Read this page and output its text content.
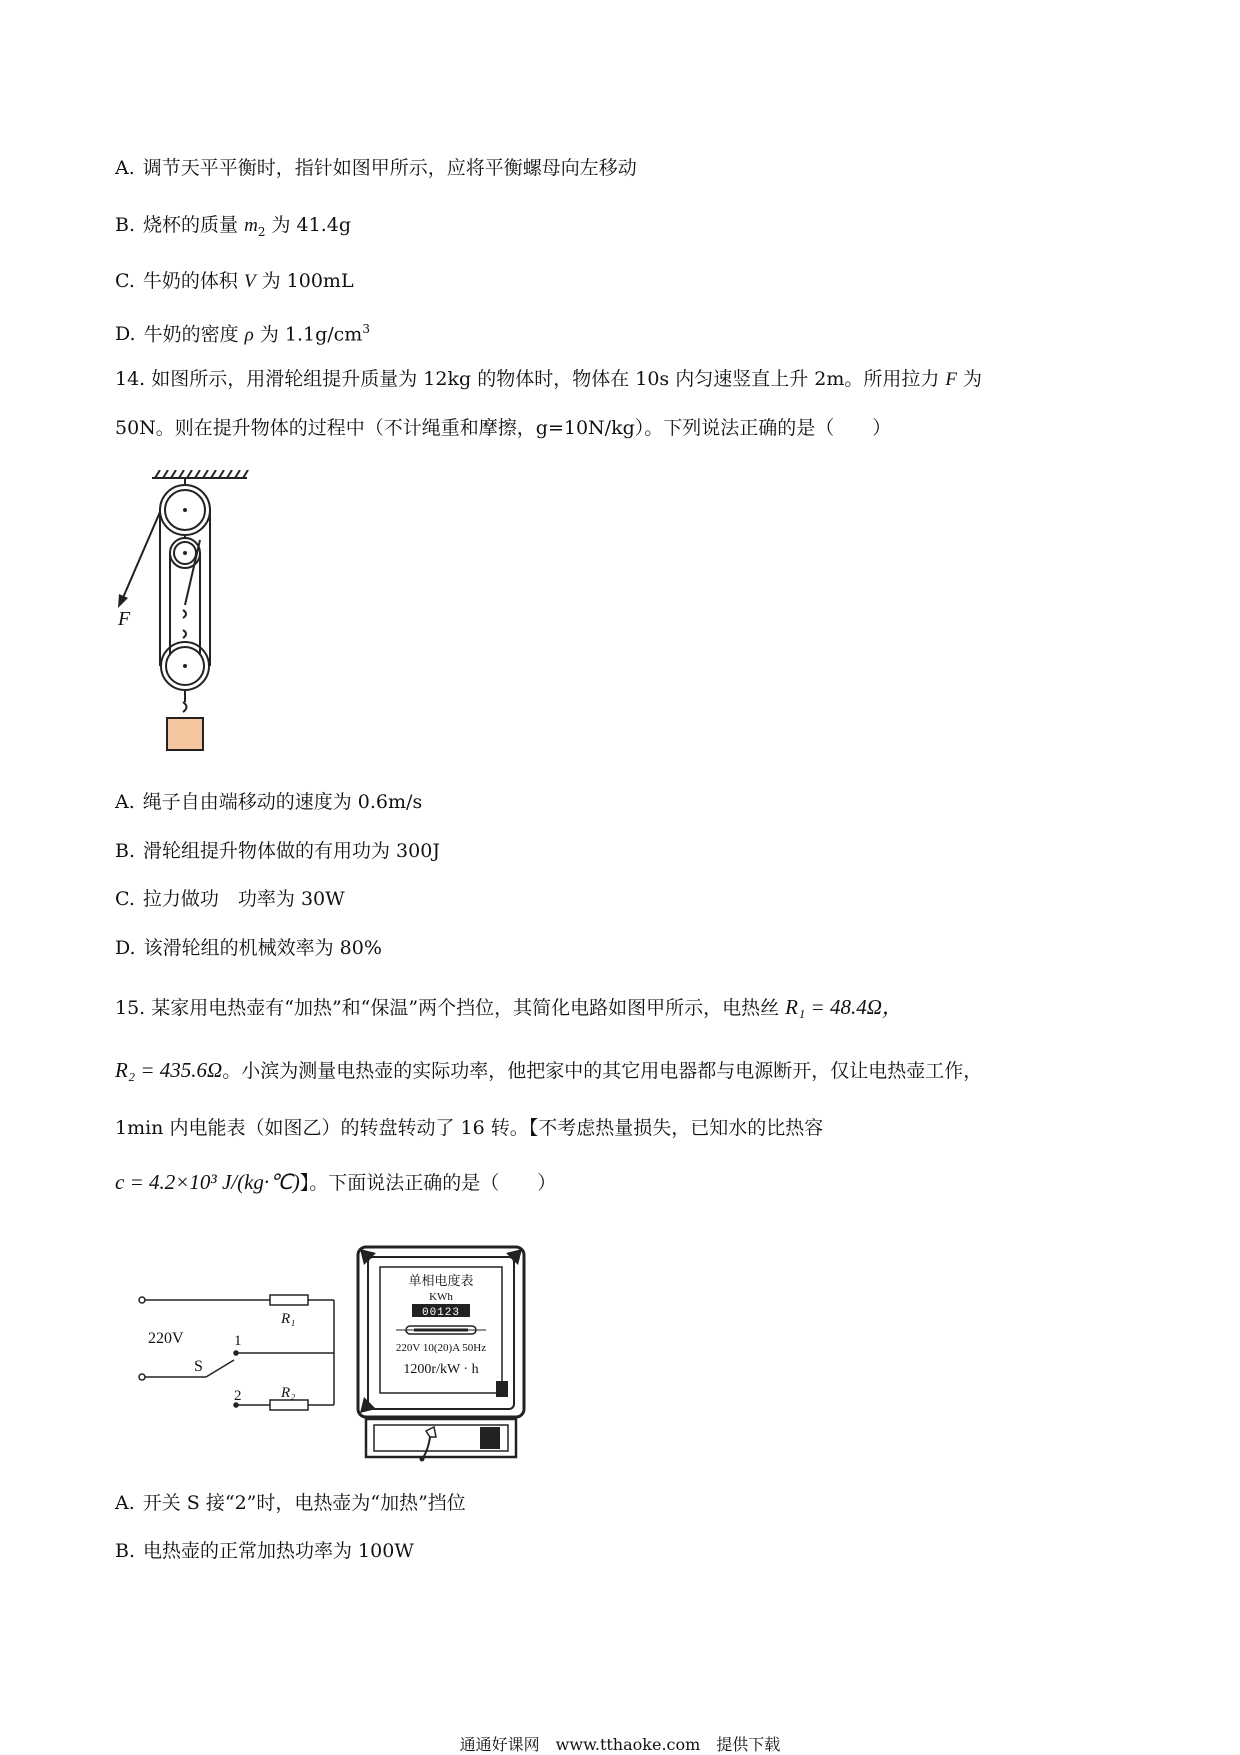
A. 调节天平平衡时，指针如图甲所示，应将平衡螺母向左移动
B. 烧杯的质量 $m_2$ 为 41.4g
C. 牛奶的体积 V 为 100mL
D. 牛奶的密度 ρ 为 $1.1g/cm^3$
14. 如图所示，用滑轮组提升质量为 12kg 的物体时，物体在 10s 内匀速竖直上升 2m。所用拉力 F 为
50N。则在提升物体的过程中（不计绳重和摩擦，g=10N/kg）。下列说法正确的是（　　）
F
A. 绳子自由端移动的速度为 0.6m/s
B. 滑轮组提升物体做的有用功为 300J
C. 拉力做功　功率为 30W
D. 该滑轮组的机械效率为 80%
15. 某家用电热壶有“加热”和“保温”两个挡位，其简化电路如图甲所示，电热丝 R₁ = 48.4Ω，
R₂ = 435.6Ω。小滨为测量电热壶的实际功率，他把家中的其它用电器都与电源断开，仅让电热壶工作，
1min 内电能表（如图乙）的转盘转动了 16 转。【不考虑热量损失，已知水的比热容
c = 4.2×10³ J/(kg·℃)】。下面说法正确的是（　　）
220V
S
1
2
R₁
R₂
单相电度表
KWh
00123
220V 10(20)A 50Hz
1200r/kW · h
A. 开关 S 接“2”时，电热壶为“加热”挡位
B. 电热壶的正常加热功率为 100W
通通好课网　www.tthaoke.com　提供下载
